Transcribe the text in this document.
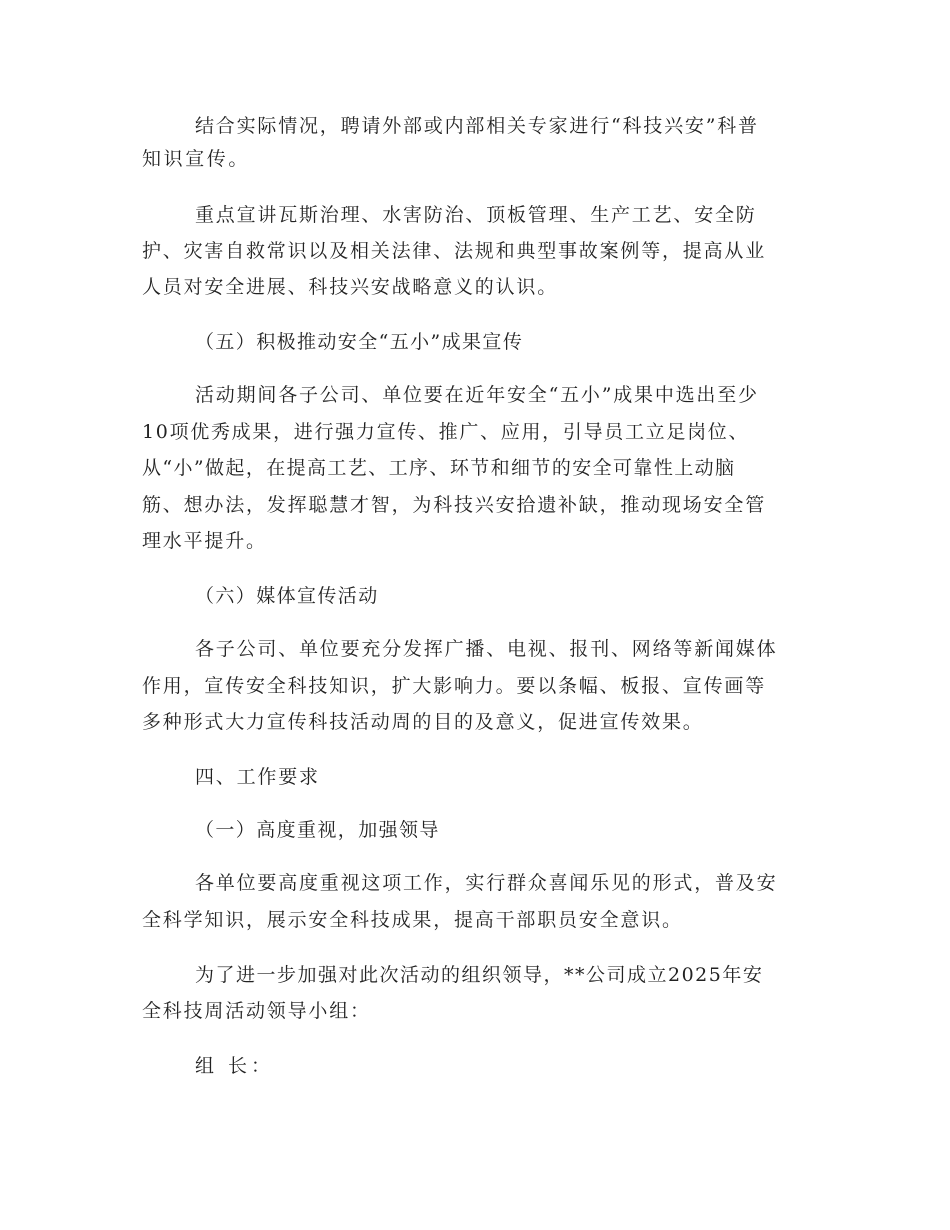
结合实际情况，聘请外部或内部相关专家进行“科技兴安”科普

知识宣传。

重点宣讲瓦斯治理、水害防治、顶板管理、生产工艺、安全防

护、灾害自救常识以及相关法律、法规和典型事故案例等，提高从业

人员对安全进展、科技兴安战略意义的认识。

（五）积极推动安全“五小”成果宣传

活动期间各子公司、单位要在近年安全“五小”成果中选出至少

10项优秀成果，进行强力宣传、推广、应用，引导员工立足岗位、

从“小”做起，在提高工艺、工序、环节和细节的安全可靠性上动脑

筋、想办法，发挥聪慧才智，为科技兴安拾遗补缺，推动现场安全管

理水平提升。

（六）媒体宣传活动

各子公司、单位要充分发挥广播、电视、报刊、网络等新闻媒体

作用，宣传安全科技知识，扩大影响力。要以条幅、板报、宣传画等

多种形式大力宣传科技活动周的目的及意义，促进宣传效果。

四、工作要求

（一）高度重视，加强领导

各单位要高度重视这项工作，实行群众喜闻乐见的形式，普及安

全科学知识，展示安全科技成果，提高干部职员安全意识。

为了进一步加强对此次活动的组织领导，**公司成立2025年安

全科技周活动领导小组：

组 长：
